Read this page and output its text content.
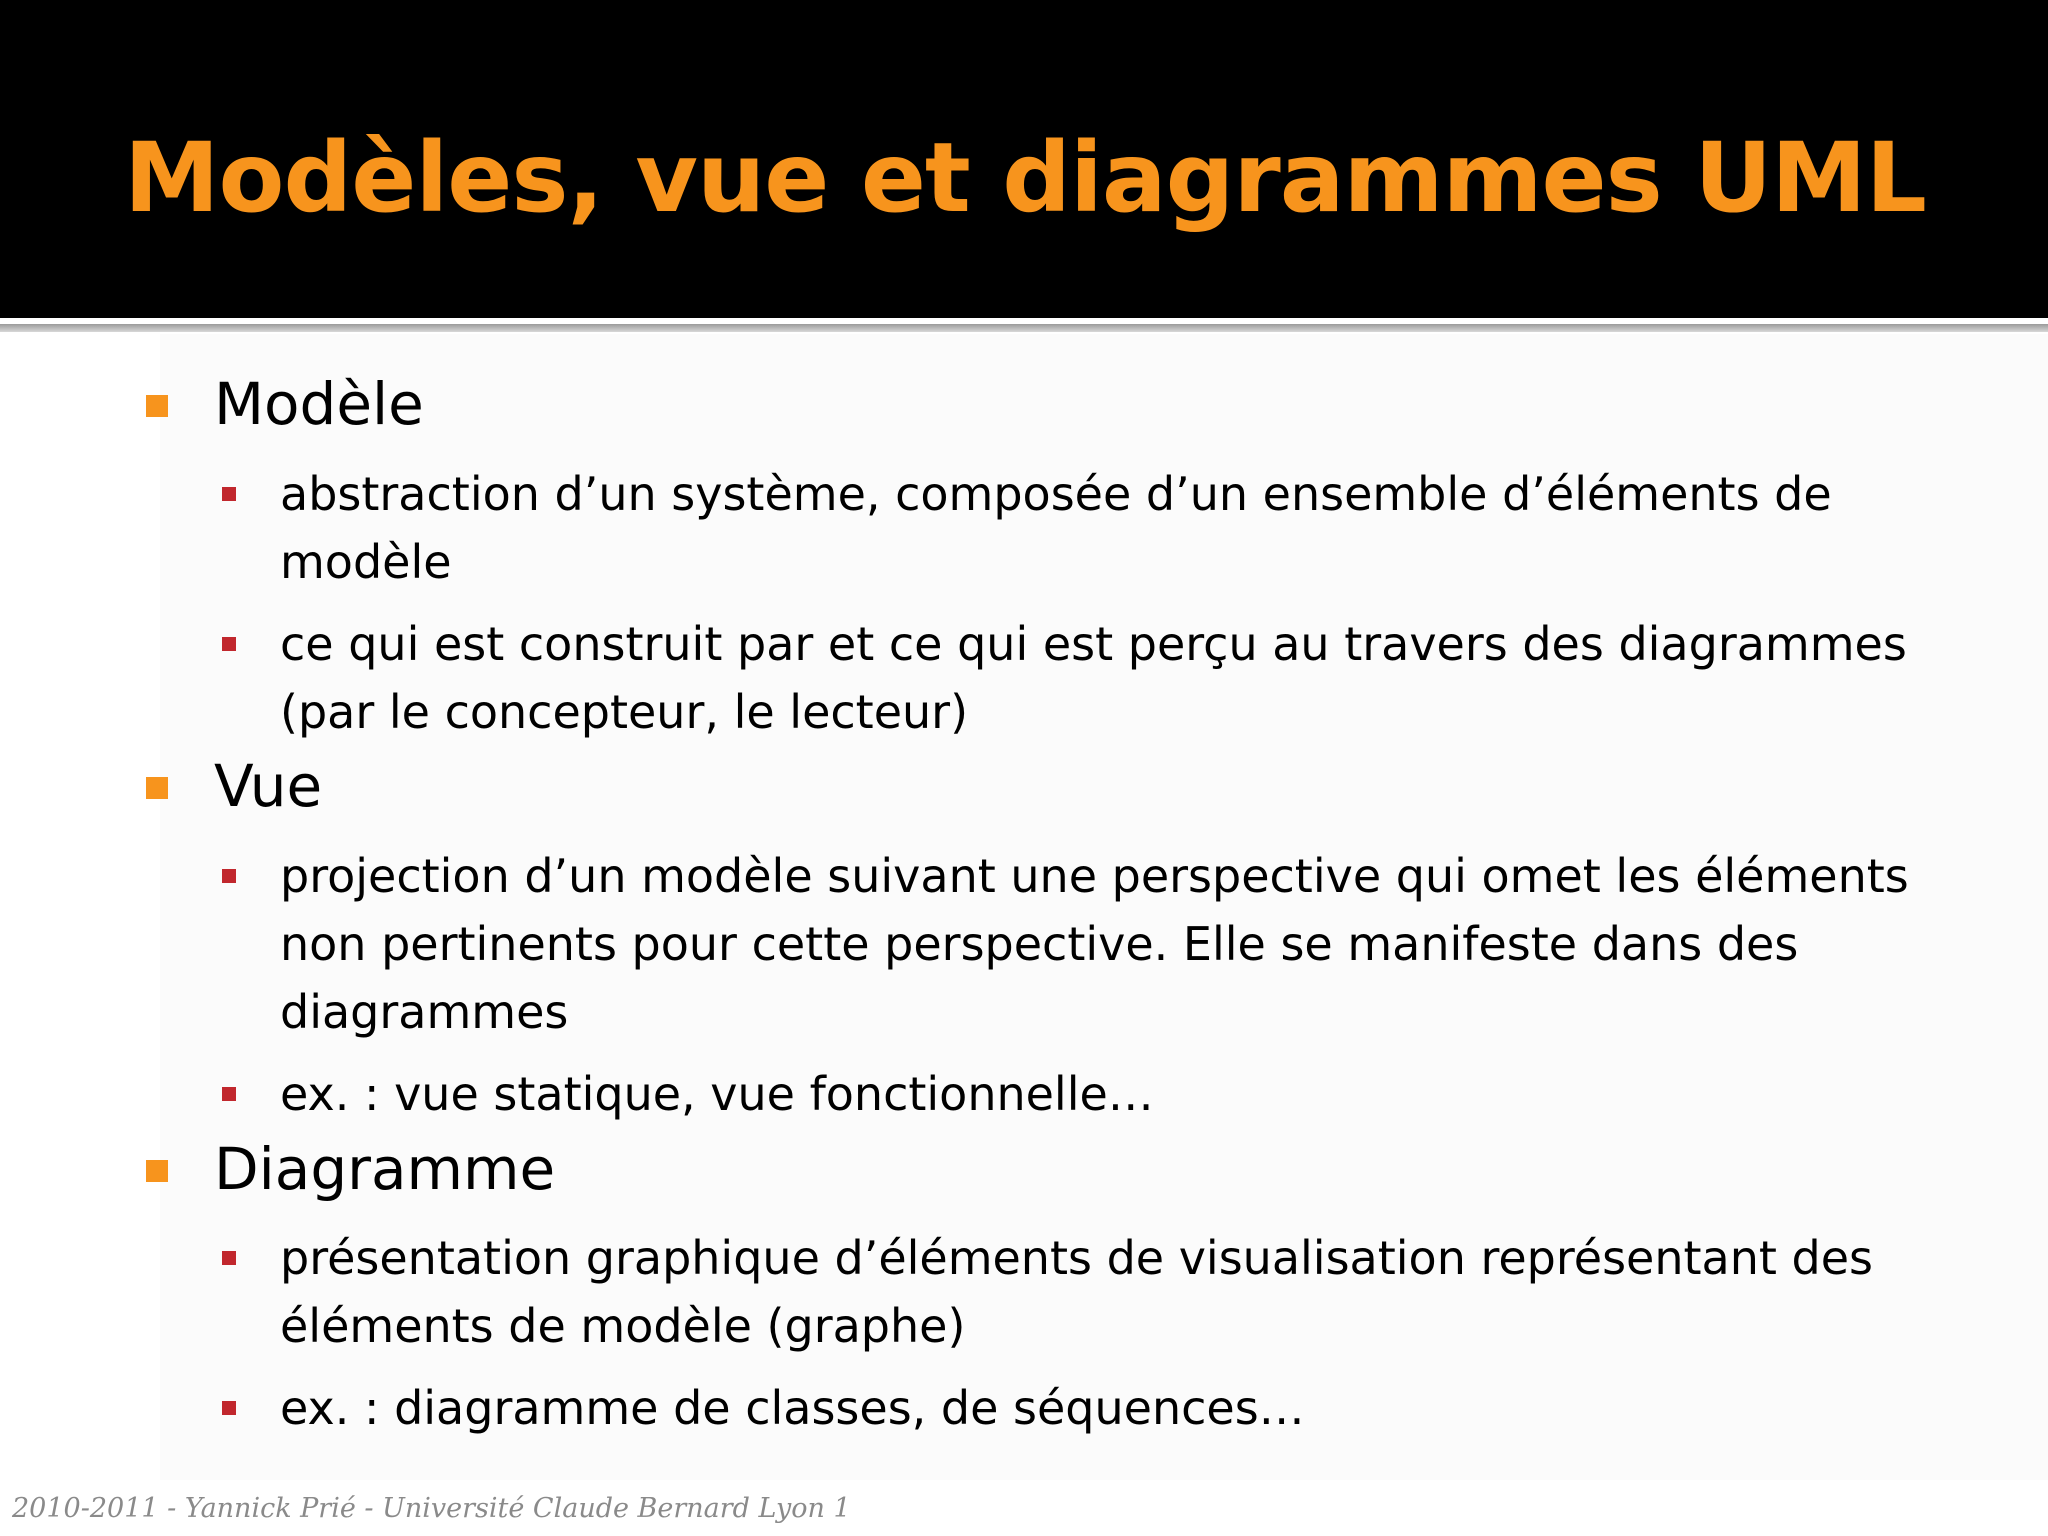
Modèles, vue et diagrammes UML

Modèle

abstraction d’un système, composée d’un ensemble d’éléments de modèle

ce qui est construit par et ce qui est perçu au travers des diagrammes (par le concepteur, le lecteur)

Vue

projection d’un modèle suivant une perspective qui omet les éléments non pertinents pour cette perspective. Elle se manifeste dans des diagrammes

ex. : vue statique, vue fonctionnelle…

Diagramme

présentation graphique d’éléments de visualisation représentant des éléments de modèle (graphe)

ex. : diagramme de classes, de séquences…

2010-2011 - Yannick Prié - Université Claude Bernard Lyon 1
